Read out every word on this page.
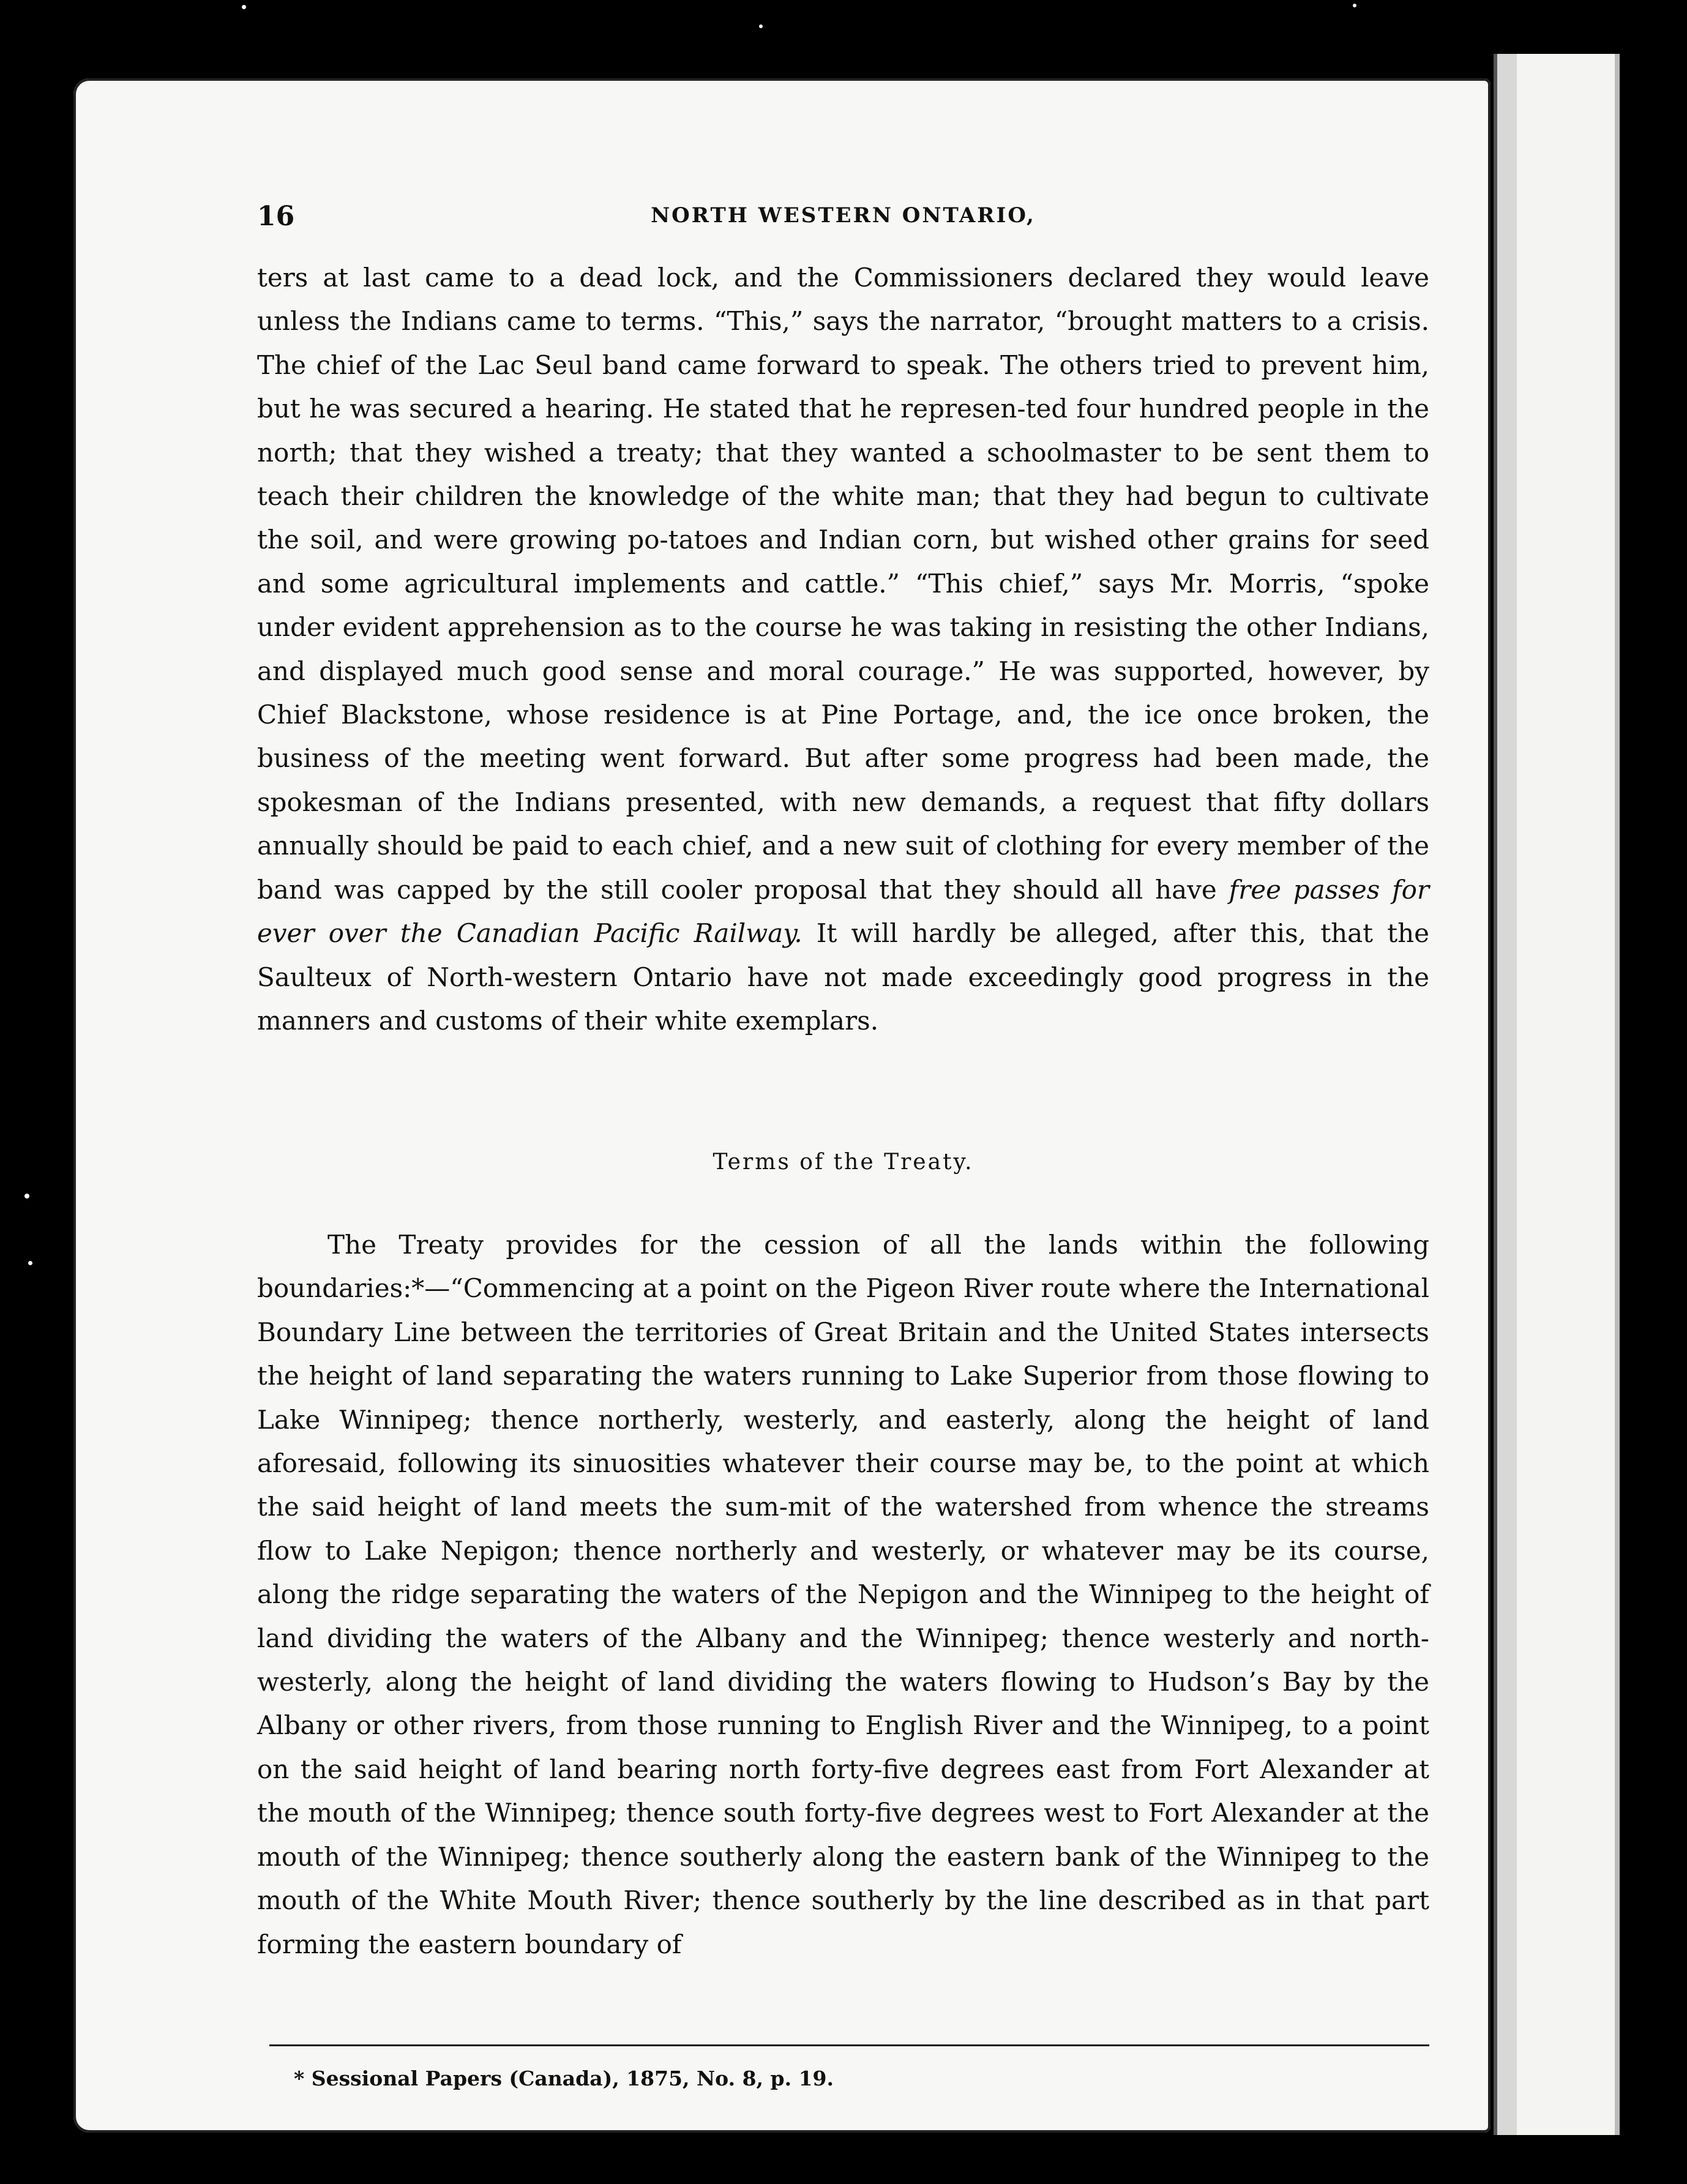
16	NORTH WESTERN ONTARIO,

ters at last came to a dead lock, and the Commissioners declared they would leave unless the Indians came to terms. “This,” says the narrator, “brought matters to a crisis. The chief of the Lac Seul band came forward to speak. The others tried to prevent him, but he was secured a hearing. He stated that he represen-ted four hundred people in the north; that they wished a treaty; that they wanted a schoolmaster to be sent them to teach their children the knowledge of the white man; that they had begun to cultivate the soil, and were growing po-tatoes and Indian corn, but wished other grains for seed and some agricultural implements and cattle.” “This chief,” says Mr. Morris, “spoke under evident apprehension as to the course he was taking in resisting the other Indians, and displayed much good sense and moral courage.” He was supported, however, by Chief Blackstone, whose residence is at Pine Portage, and, the ice once broken, the business of the meeting went forward. But after some progress had been made, the spokesman of the Indians presented, with new demands, a request that fifty dollars annually should be paid to each chief, and a new suit of clothing for every member of the band was capped by the still cooler proposal that they should all have free passes for ever over the Canadian Pacific Railway. It will hardly be alleged, after this, that the Saulteux of North-western Ontario have not made exceedingly good progress in the manners and customs of their white exemplars.

Terms of the Treaty.

The Treaty provides for the cession of all the lands within the following boundaries:*—“Commencing at a point on the Pigeon River route where the International Boundary Line between the territories of Great Britain and the United States intersects the height of land separating the waters running to Lake Superior from those flowing to Lake Winnipeg; thence northerly, westerly, and easterly, along the height of land aforesaid, following its sinuosities whatever their course may be, to the point at which the said height of land meets the sum-mit of the watershed from whence the streams flow to Lake Nepigon; thence northerly and westerly, or whatever may be its course, along the ridge separating the waters of the Nepigon and the Winnipeg to the height of land dividing the waters of the Albany and the Winnipeg; thence westerly and north-westerly, along the height of land dividing the waters flowing to Hudson’s Bay by the Albany or other rivers, from those running to English River and the Winnipeg, to a point on the said height of land bearing north forty-five degrees east from Fort Alexander at the mouth of the Winnipeg; thence south forty-five degrees west to Fort Alexander at the mouth of the Winnipeg; thence southerly along the eastern bank of the Winnipeg to the mouth of the White Mouth River; thence southerly by the line described as in that part forming the eastern boundary of

* Sessional Papers (Canada), 1875, No. 8, p. 19.
